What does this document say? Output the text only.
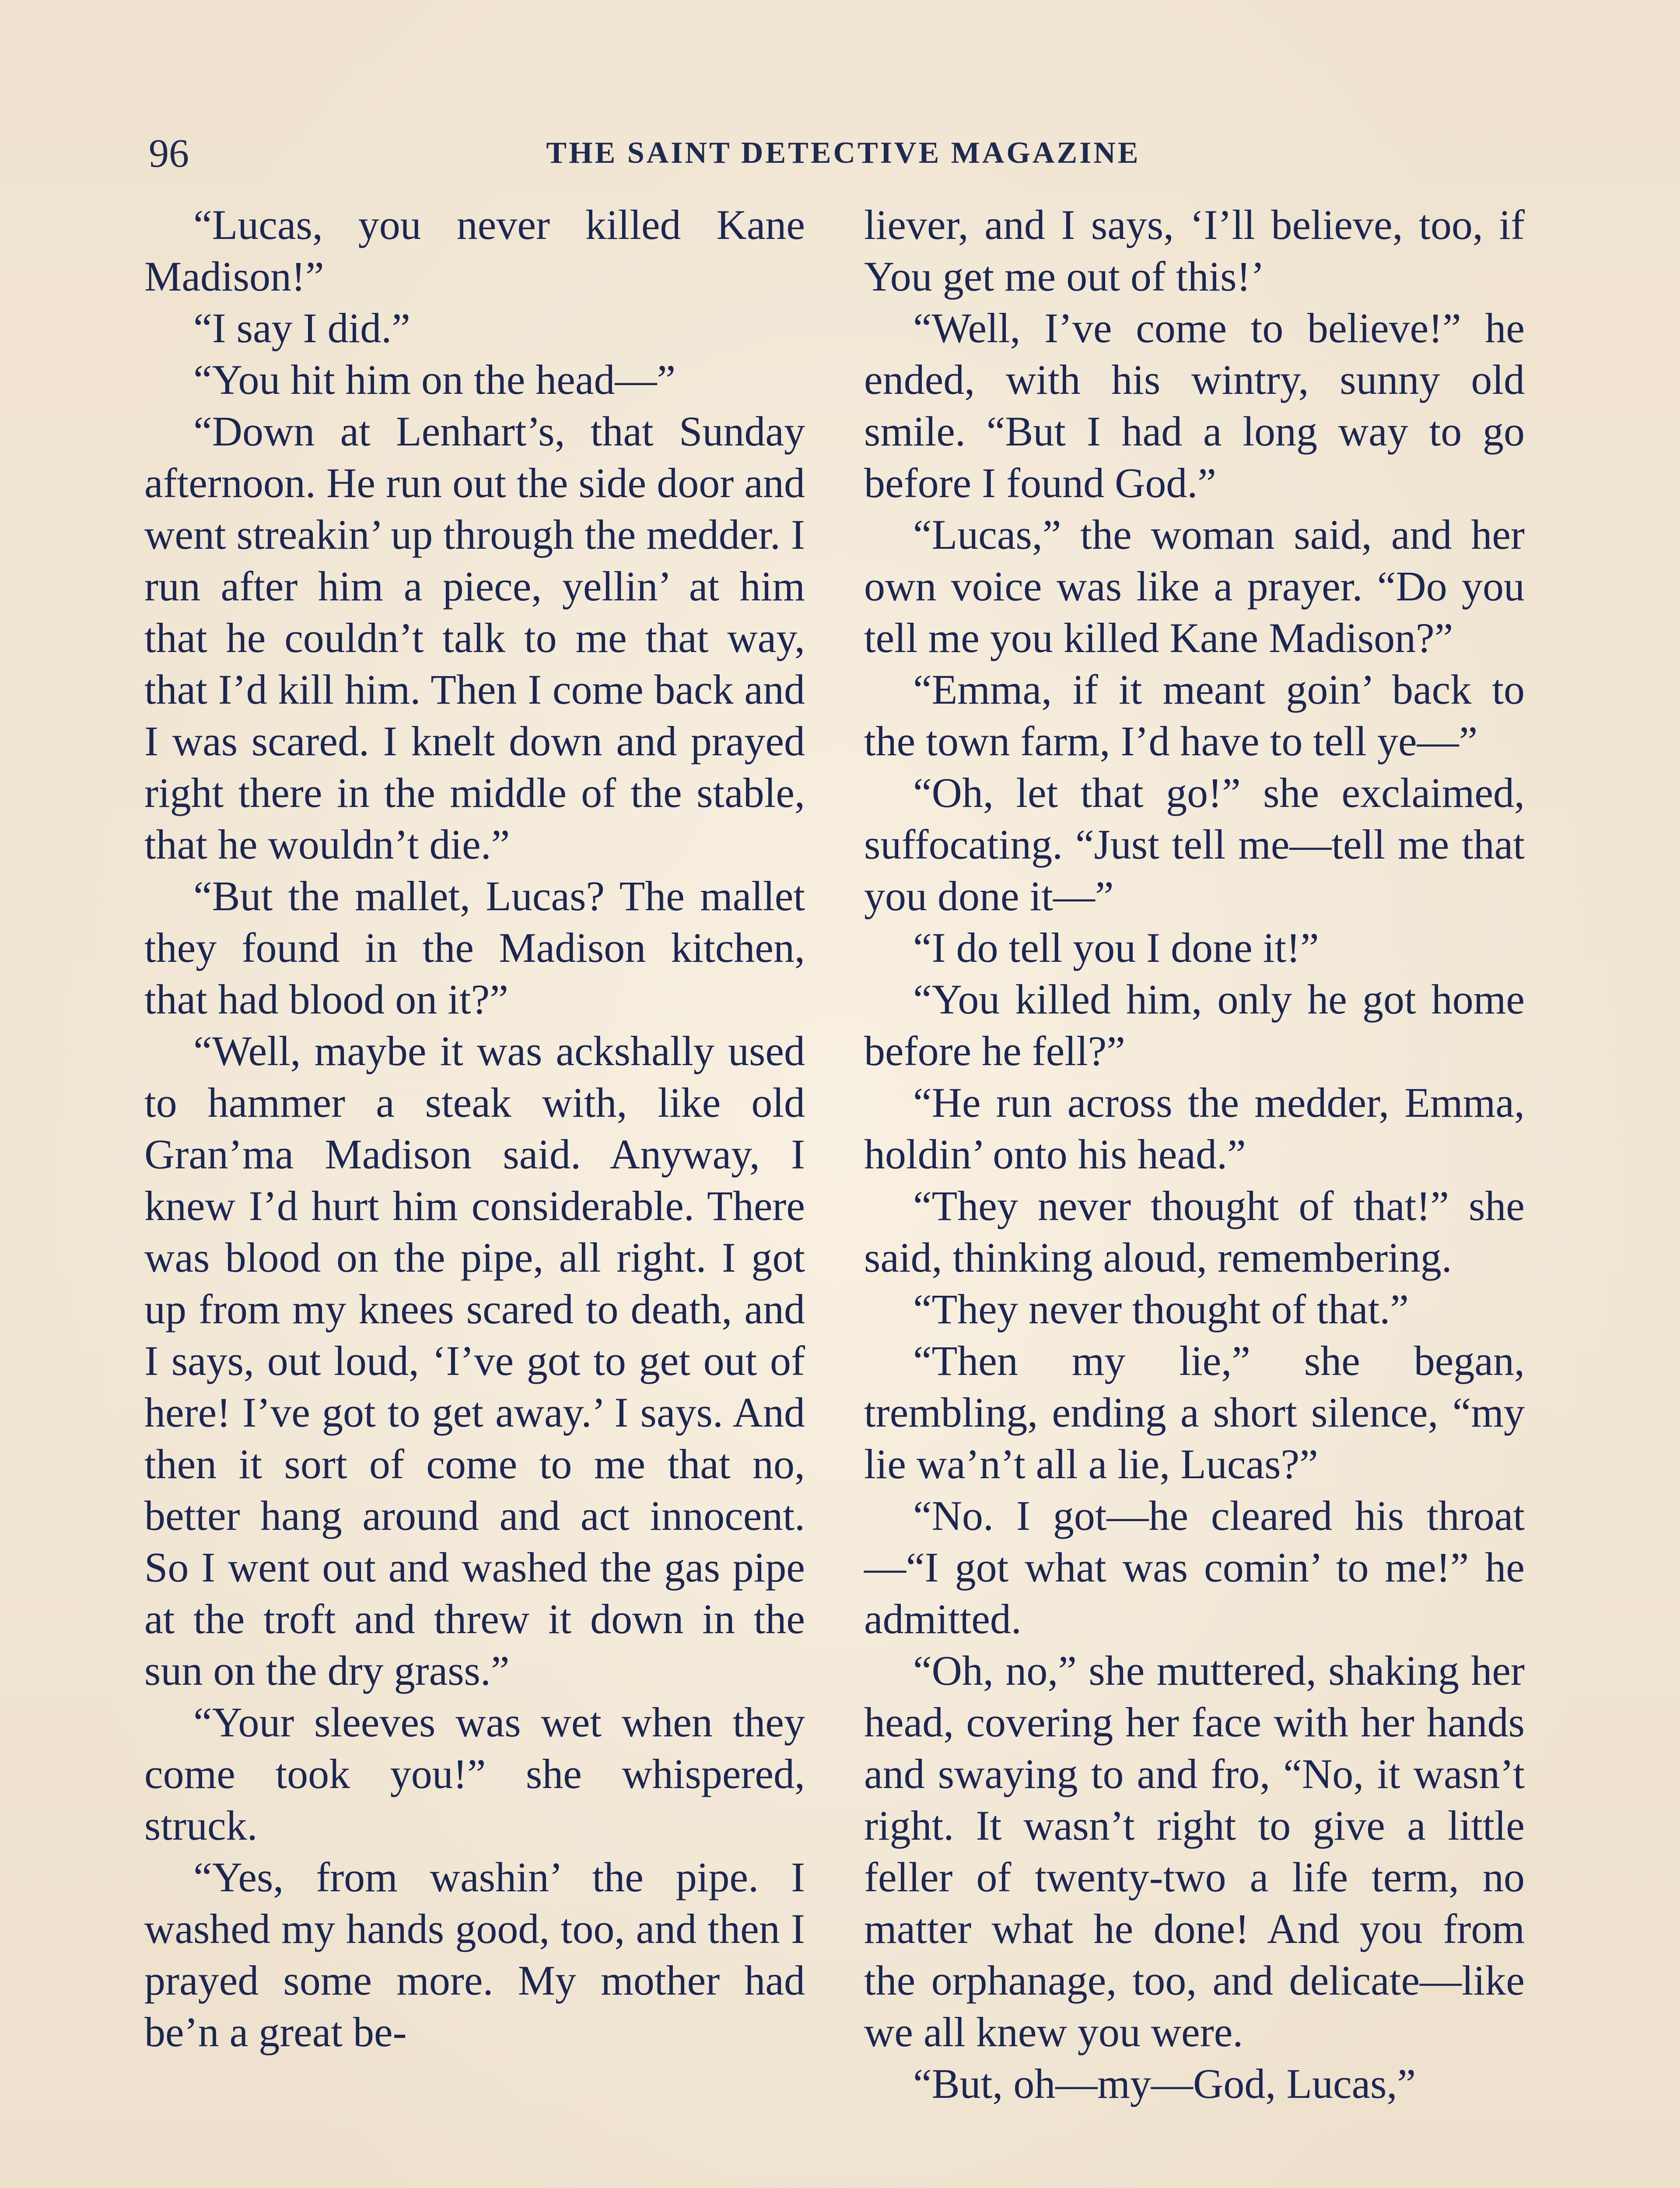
96	THE SAINT DETECTIVE MAGAZINE

“Lucas, you never killed Kane Madison!”

“I say I did.”

“You hit him on the head—”

“Down at Lenhart’s, that Sunday afternoon. He run out the side door and went streakin’ up through the medder. I run after him a piece, yellin’ at him that he couldn’t talk to me that way, that I’d kill him. Then I come back and I was scared. I knelt down and prayed right there in the middle of the stable, that he wouldn’t die.”

“But the mallet, Lucas? The mallet they found in the Madison kitchen, that had blood on it?”

“Well, maybe it was ackshally used to hammer a steak with, like old Gran’ma Madison said. Anyway, I knew I’d hurt him considerable. There was blood on the pipe, all right. I got up from my knees scared to death, and I says, out loud, ‘I’ve got to get out of here! I’ve got to get away.’ I says. And then it sort of come to me that no, better hang around and act innocent. So I went out and washed the gas pipe at the troft and threw it down in the sun on the dry grass.”

“Your sleeves was wet when they come took you!” she whispered, struck.

“Yes, from washin’ the pipe. I washed my hands good, too, and then I prayed some more. My mother had be’n a great be-

liever, and I says, ‘I’ll believe, too, if You get me out of this!’

“Well, I’ve come to believe!” he ended, with his wintry, sunny old smile. “But I had a long way to go before I found God.”

“Lucas,” the woman said, and her own voice was like a prayer. “Do you tell me you killed Kane Madison?”

“Emma, if it meant goin’ back to the town farm, I’d have to tell ye—”

“Oh, let that go!” she exclaimed, suffocating. “Just tell me—tell me that you done it—”

“I do tell you I done it!”

“You killed him, only he got home before he fell?”

“He run across the medder, Emma, holdin’ onto his head.”

“They never thought of that!” she said, thinking aloud, remembering.

“They never thought of that.”

“Then my lie,” she began, trembling, ending a short silence, “my lie wa’n’t all a lie, Lucas?”

“No. I got—he cleared his throat—“I got what was comin’ to me!” he admitted.

“Oh, no,” she muttered, shaking her head, covering her face with her hands and swaying to and fro, “No, it wasn’t right. It wasn’t right to give a little feller of twenty-two a life term, no matter what he done! And you from the orphanage, too, and delicate—like we all knew you were.

“But, oh—my—God, Lucas,”
